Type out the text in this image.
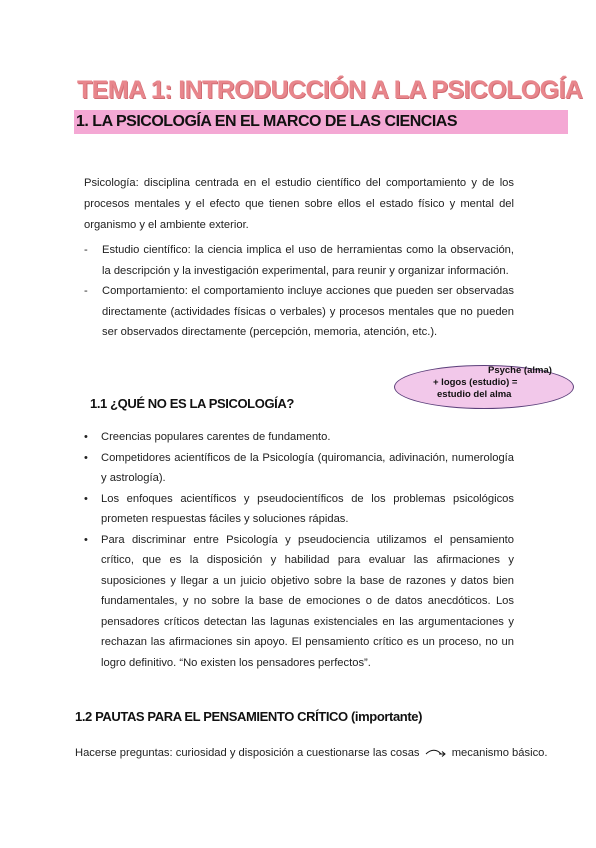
TEMA 1: INTRODUCCIÓN A LA PSICOLOGÍA
1. LA PSICOLOGÍA EN EL MARCO DE LAS CIENCIAS
Psicología: disciplina centrada en el estudio científico del comportamiento y de los procesos mentales y el efecto que tienen sobre ellos el estado físico y mental del organismo y el ambiente exterior.
- Estudio científico: la ciencia implica el uso de herramientas como la observación, la descripción y la investigación experimental, para reunir y organizar información.
- Comportamiento: el comportamiento incluye acciones que pueden ser observadas directamente (actividades físicas o verbales) y procesos mentales que no pueden ser observados directamente (percepción, memoria, atención, etc.).
Psyche (alma)
+ logos (estudio) =
estudio del alma
1.1 ¿QUÉ NO ES LA PSICOLOGÍA?
• Creencias populares carentes de fundamento.
• Competidores acientíficos de la Psicología (quiromancia, adivinación, numerología y astrología).
• Los enfoques acientíficos y pseudocientíficos de los problemas psicológicos prometen respuestas fáciles y soluciones rápidas.
• Para discriminar entre Psicología y pseudociencia utilizamos el pensamiento crítico, que es la disposición y habilidad para evaluar las afirmaciones y suposiciones y llegar a un juicio objetivo sobre la base de razones y datos bien fundamentales, y no sobre la base de emociones o de datos anecdóticos. Los pensadores críticos detectan las lagunas existenciales en las argumentaciones y rechazan las afirmaciones sin apoyo. El pensamiento crítico es un proceso, no un logro definitivo. “No existen los pensadores perfectos”.
1.2 PAUTAS PARA EL PENSAMIENTO CRÍTICO (importante)
Hacerse preguntas: curiosidad y disposición a cuestionarse las cosas	mecanismo básico.
